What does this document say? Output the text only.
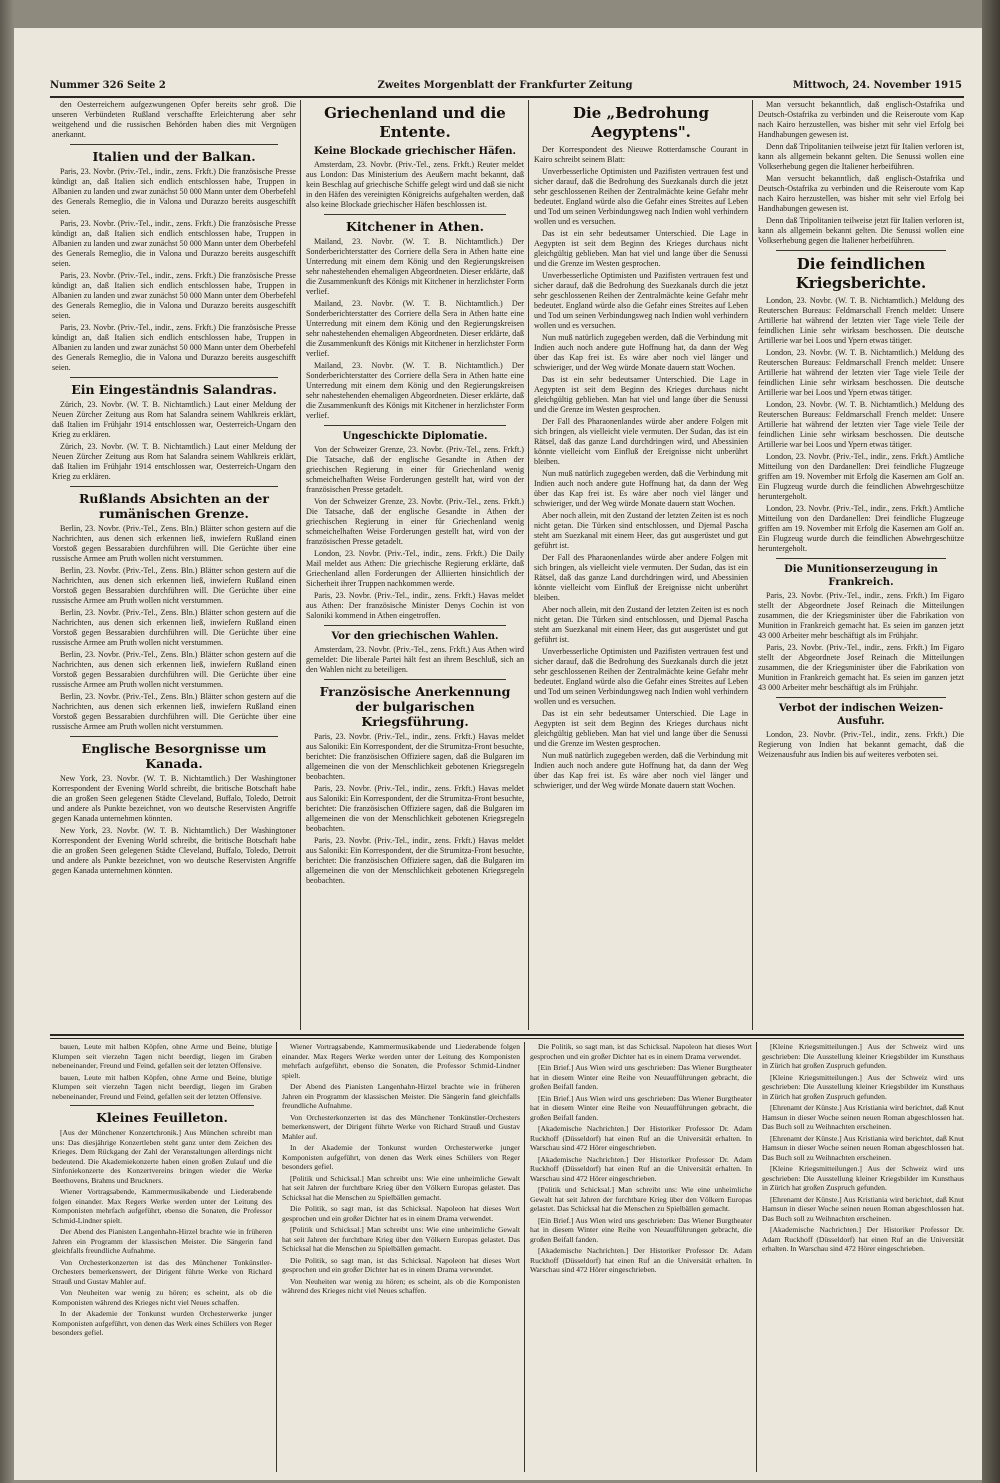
Nummer 326 Seite 2	Zweites Morgenblatt der Frankfurter Zeitung	Mittwoch, 24. November 1915

den Oesterreichern aufgezwungenen Opfer bereits sehr groß. Die unseren Verbündeten Rußland verschaffte Erleichterung aber sehr weitgehend und die russischen Behörden haben dies mit Vergnügen anerkannt.

Italien und der Balkan.

Paris, 23. Novbr. (Priv.-Tel., indir., zens. Frkft.) Die französische Presse kündigt an, daß Italien sich endlich entschlossen habe, Truppen in Albanien zu landen und zwar zunächst 50 000 Mann unter dem Oberbefehl des Generals Remeglio, die in Valona und Durazzo bereits ausgeschifft seien.

Paris, 23. Novbr. (Priv.-Tel., indir., zens. Frkft.) Die französische Presse kündigt an, daß Italien sich endlich entschlossen habe, Truppen in Albanien zu landen und zwar zunächst 50 000 Mann unter dem Oberbefehl des Generals Remeglio, die in Valona und Durazzo bereits ausgeschifft seien.

Paris, 23. Novbr. (Priv.-Tel., indir., zens. Frkft.) Die französische Presse kündigt an, daß Italien sich endlich entschlossen habe, Truppen in Albanien zu landen und zwar zunächst 50 000 Mann unter dem Oberbefehl des Generals Remeglio, die in Valona und Durazzo bereits ausgeschifft seien.

Paris, 23. Novbr. (Priv.-Tel., indir., zens. Frkft.) Die französische Presse kündigt an, daß Italien sich endlich entschlossen habe, Truppen in Albanien zu landen und zwar zunächst 50 000 Mann unter dem Oberbefehl des Generals Remeglio, die in Valona und Durazzo bereits ausgeschifft seien.

Ein Eingeständnis Salandras.

Zürich, 23. Novbr. (W. T. B. Nichtamtlich.) Laut einer Meldung der Neuen Zürcher Zeitung aus Rom hat Salandra seinem Wahlkreis erklärt, daß Italien im Frühjahr 1914 entschlossen war, Oesterreich-Ungarn den Krieg zu erklären.

Zürich, 23. Novbr. (W. T. B. Nichtamtlich.) Laut einer Meldung der Neuen Zürcher Zeitung aus Rom hat Salandra seinem Wahlkreis erklärt, daß Italien im Frühjahr 1914 entschlossen war, Oesterreich-Ungarn den Krieg zu erklären.

Rußlands Absichten an der rumänischen Grenze.

Berlin, 23. Novbr. (Priv.-Tel., Zens. Bln.) Blätter schon gestern auf die Nachrichten, aus denen sich erkennen ließ, inwiefern Rußland einen Vorstoß gegen Bessarabien durchführen will. Die Gerüchte über eine russische Armee am Pruth wollen nicht verstummen.

Berlin, 23. Novbr. (Priv.-Tel., Zens. Bln.) Blätter schon gestern auf die Nachrichten, aus denen sich erkennen ließ, inwiefern Rußland einen Vorstoß gegen Bessarabien durchführen will. Die Gerüchte über eine russische Armee am Pruth wollen nicht verstummen.

Berlin, 23. Novbr. (Priv.-Tel., Zens. Bln.) Blätter schon gestern auf die Nachrichten, aus denen sich erkennen ließ, inwiefern Rußland einen Vorstoß gegen Bessarabien durchführen will. Die Gerüchte über eine russische Armee am Pruth wollen nicht verstummen.

Berlin, 23. Novbr. (Priv.-Tel., Zens. Bln.) Blätter schon gestern auf die Nachrichten, aus denen sich erkennen ließ, inwiefern Rußland einen Vorstoß gegen Bessarabien durchführen will. Die Gerüchte über eine russische Armee am Pruth wollen nicht verstummen.

Berlin, 23. Novbr. (Priv.-Tel., Zens. Bln.) Blätter schon gestern auf die Nachrichten, aus denen sich erkennen ließ, inwiefern Rußland einen Vorstoß gegen Bessarabien durchführen will. Die Gerüchte über eine russische Armee am Pruth wollen nicht verstummen.

Englische Besorgnisse um Kanada.

New York, 23. Novbr. (W. T. B. Nichtamtlich.) Der Washingtoner Korrespondent der Evening World schreibt, die britische Botschaft habe die an großen Seen gelegenen Städte Cleveland, Buffalo, Toledo, Detroit und andere als Punkte bezeichnet, von wo deutsche Reservisten Angriffe gegen Kanada unternehmen könnten.

New York, 23. Novbr. (W. T. B. Nichtamtlich.) Der Washingtoner Korrespondent der Evening World schreibt, die britische Botschaft habe die an großen Seen gelegenen Städte Cleveland, Buffalo, Toledo, Detroit und andere als Punkte bezeichnet, von wo deutsche Reservisten Angriffe gegen Kanada unternehmen könnten.

Griechenland und die Entente.
Keine Blockade griechischer Häfen.

Amsterdam, 23. Novbr. (Priv.-Tel., zens. Frkft.) Reuter meldet aus London: Das Ministerium des Aeußern macht bekannt, daß kein Beschlag auf griechische Schiffe gelegt wird und daß sie nicht in den Häfen des vereinigten Königreichs aufgehalten werden, daß also keine Blockade griechischer Häfen beschlossen ist.

Kitchener in Athen.

Mailand, 23. Novbr. (W. T. B. Nichtamtlich.) Der Sonderberichterstatter des Corriere della Sera in Athen hatte eine Unterredung mit einem dem König und den Regierungskreisen sehr nahestehenden ehemaligen Abgeordneten. Dieser erklärte, daß die Zusammenkunft des Königs mit Kitchener in herzlichster Form verlief.

Mailand, 23. Novbr. (W. T. B. Nichtamtlich.) Der Sonderberichterstatter des Corriere della Sera in Athen hatte eine Unterredung mit einem dem König und den Regierungskreisen sehr nahestehenden ehemaligen Abgeordneten. Dieser erklärte, daß die Zusammenkunft des Königs mit Kitchener in herzlichster Form verlief.

Mailand, 23. Novbr. (W. T. B. Nichtamtlich.) Der Sonderberichterstatter des Corriere della Sera in Athen hatte eine Unterredung mit einem dem König und den Regierungskreisen sehr nahestehenden ehemaligen Abgeordneten. Dieser erklärte, daß die Zusammenkunft des Königs mit Kitchener in herzlichster Form verlief.

Ungeschickte Diplomatie.

Von der Schweizer Grenze, 23. Novbr. (Priv.-Tel., zens. Frkft.) Die Tatsache, daß der englische Gesandte in Athen der griechischen Regierung in einer für Griechenland wenig schmeichelhaften Weise Forderungen gestellt hat, wird von der französischen Presse getadelt.

Von der Schweizer Grenze, 23. Novbr. (Priv.-Tel., zens. Frkft.) Die Tatsache, daß der englische Gesandte in Athen der griechischen Regierung in einer für Griechenland wenig schmeichelhaften Weise Forderungen gestellt hat, wird von der französischen Presse getadelt.

London, 23. Novbr. (Priv.-Tel., indir., zens. Frkft.) Die Daily Mail meldet aus Athen: Die griechische Regierung erklärte, daß Griechenland allen Forderungen der Alliierten hinsichtlich der Sicherheit ihrer Truppen nachkommen werde.

Paris, 23. Novbr. (Priv.-Tel., indir., zens. Frkft.) Havas meldet aus Athen: Der französische Minister Denys Cochin ist von Saloniki kommend in Athen eingetroffen.

Vor den griechischen Wahlen.

Amsterdam, 23. Novbr. (Priv.-Tel., zens. Frkft.) Aus Athen wird gemeldet: Die liberale Partei hält fest an ihrem Beschluß, sich an den Wahlen nicht zu beteiligen.

Französische Anerkennung der bulgarischen Kriegsführung.

Paris, 23. Novbr. (Priv.-Tel., indir., zens. Frkft.) Havas meldet aus Saloniki: Ein Korrespondent, der die Strumitza-Front besuchte, berichtet: Die französischen Offiziere sagen, daß die Bulgaren im allgemeinen die von der Menschlichkeit gebotenen Kriegsregeln beobachten.

Paris, 23. Novbr. (Priv.-Tel., indir., zens. Frkft.) Havas meldet aus Saloniki: Ein Korrespondent, der die Strumitza-Front besuchte, berichtet: Die französischen Offiziere sagen, daß die Bulgaren im allgemeinen die von der Menschlichkeit gebotenen Kriegsregeln beobachten.

Paris, 23. Novbr. (Priv.-Tel., indir., zens. Frkft.) Havas meldet aus Saloniki: Ein Korrespondent, der die Strumitza-Front besuchte, berichtet: Die französischen Offiziere sagen, daß die Bulgaren im allgemeinen die von der Menschlichkeit gebotenen Kriegsregeln beobachten.

Die „Bedrohung Aegyptens".

Der Korrespondent des Nieuwe Rotterdamsche Courant in Kairo schreibt seinem Blatt:

Unverbesserliche Optimisten und Pazifisten vertrauen fest und sicher darauf, daß die Bedrohung des Suezkanals durch die jetzt sehr geschlossenen Reihen der Zentralmächte keine Gefahr mehr bedeutet. England würde also die Gefahr eines Streites auf Leben und Tod um seinen Verbindungsweg nach Indien wohl verhindern wollen und es versuchen.

Das ist ein sehr bedeutsamer Unterschied. Die Lage in Aegypten ist seit dem Beginn des Krieges durchaus nicht gleichgültig geblieben. Man hat viel und lange über die Senussi und die Grenze im Westen gesprochen.

Unverbesserliche Optimisten und Pazifisten vertrauen fest und sicher darauf, daß die Bedrohung des Suezkanals durch die jetzt sehr geschlossenen Reihen der Zentralmächte keine Gefahr mehr bedeutet. England würde also die Gefahr eines Streites auf Leben und Tod um seinen Verbindungsweg nach Indien wohl verhindern wollen und es versuchen.

Nun muß natürlich zugegeben werden, daß die Verbindung mit Indien auch noch andere gute Hoffnung hat, da dann der Weg über das Kap frei ist. Es wäre aber noch viel länger und schwieriger, und der Weg würde Monate dauern statt Wochen.

Das ist ein sehr bedeutsamer Unterschied. Die Lage in Aegypten ist seit dem Beginn des Krieges durchaus nicht gleichgültig geblieben. Man hat viel und lange über die Senussi und die Grenze im Westen gesprochen.

Der Fall des Pharaonenlandes würde aber andere Folgen mit sich bringen, als vielleicht viele vermuten. Der Sudan, das ist ein Rätsel, daß das ganze Land durchdringen wird, und Abessinien könnte vielleicht vom Einfluß der Ereignisse nicht unberührt bleiben.

Nun muß natürlich zugegeben werden, daß die Verbindung mit Indien auch noch andere gute Hoffnung hat, da dann der Weg über das Kap frei ist. Es wäre aber noch viel länger und schwieriger, und der Weg würde Monate dauern statt Wochen.

Aber noch allein, mit den Zustand der letzten Zeiten ist es noch nicht getan. Die Türken sind entschlossen, und Djemal Pascha steht am Suezkanal mit einem Heer, das gut ausgerüstet und gut geführt ist.

Der Fall des Pharaonenlandes würde aber andere Folgen mit sich bringen, als vielleicht viele vermuten. Der Sudan, das ist ein Rätsel, daß das ganze Land durchdringen wird, und Abessinien könnte vielleicht vom Einfluß der Ereignisse nicht unberührt bleiben.

Aber noch allein, mit den Zustand der letzten Zeiten ist es noch nicht getan. Die Türken sind entschlossen, und Djemal Pascha steht am Suezkanal mit einem Heer, das gut ausgerüstet und gut geführt ist.

Unverbesserliche Optimisten und Pazifisten vertrauen fest und sicher darauf, daß die Bedrohung des Suezkanals durch die jetzt sehr geschlossenen Reihen der Zentralmächte keine Gefahr mehr bedeutet. England würde also die Gefahr eines Streites auf Leben und Tod um seinen Verbindungsweg nach Indien wohl verhindern wollen und es versuchen.

Das ist ein sehr bedeutsamer Unterschied. Die Lage in Aegypten ist seit dem Beginn des Krieges durchaus nicht gleichgültig geblieben. Man hat viel und lange über die Senussi und die Grenze im Westen gesprochen.

Nun muß natürlich zugegeben werden, daß die Verbindung mit Indien auch noch andere gute Hoffnung hat, da dann der Weg über das Kap frei ist. Es wäre aber noch viel länger und schwieriger, und der Weg würde Monate dauern statt Wochen.

Man versucht bekanntlich, daß englisch-Ostafrika und Deutsch-Ostafrika zu verbinden und die Reiseroute vom Kap nach Kairo herzustellen, was bisher mit sehr viel Erfolg bei Handhabungen gewesen ist.

Denn daß Tripolitanien teilweise jetzt für Italien verloren ist, kann als allgemein bekannt gelten. Die Senussi wollen eine Volkserhebung gegen die Italiener herbeiführen.

Man versucht bekanntlich, daß englisch-Ostafrika und Deutsch-Ostafrika zu verbinden und die Reiseroute vom Kap nach Kairo herzustellen, was bisher mit sehr viel Erfolg bei Handhabungen gewesen ist.

Denn daß Tripolitanien teilweise jetzt für Italien verloren ist, kann als allgemein bekannt gelten. Die Senussi wollen eine Volkserhebung gegen die Italiener herbeiführen.

Die feindlichen Kriegsberichte.

London, 23. Novbr. (W. T. B. Nichtamtlich.) Meldung des Reuterschen Bureaus: Feldmarschall French meldet: Unsere Artillerie hat während der letzten vier Tage viele Teile der feindlichen Linie sehr wirksam beschossen. Die deutsche Artillerie war bei Loos und Ypern etwas tätiger.

London, 23. Novbr. (W. T. B. Nichtamtlich.) Meldung des Reuterschen Bureaus: Feldmarschall French meldet: Unsere Artillerie hat während der letzten vier Tage viele Teile der feindlichen Linie sehr wirksam beschossen. Die deutsche Artillerie war bei Loos und Ypern etwas tätiger.

London, 23. Novbr. (W. T. B. Nichtamtlich.) Meldung des Reuterschen Bureaus: Feldmarschall French meldet: Unsere Artillerie hat während der letzten vier Tage viele Teile der feindlichen Linie sehr wirksam beschossen. Die deutsche Artillerie war bei Loos und Ypern etwas tätiger.

London, 23. Novbr. (Priv.-Tel., indir., zens. Frkft.) Amtliche Mitteilung von den Dardanellen: Drei feindliche Flugzeuge griffen am 19. November mit Erfolg die Kasernen am Golf an. Ein Flugzeug wurde durch die feindlichen Abwehrgeschütze heruntergeholt.

London, 23. Novbr. (Priv.-Tel., indir., zens. Frkft.) Amtliche Mitteilung von den Dardanellen: Drei feindliche Flugzeuge griffen am 19. November mit Erfolg die Kasernen am Golf an. Ein Flugzeug wurde durch die feindlichen Abwehrgeschütze heruntergeholt.

Die Munitionserzeugung in Frankreich.

Paris, 23. Novbr. (Priv.-Tel., indir., zens. Frkft.) Im Figaro stellt der Abgeordnete Josef Reinach die Mitteilungen zusammen, die der Kriegsminister über die Fabrikation von Munition in Frankreich gemacht hat. Es seien im ganzen jetzt 43 000 Arbeiter mehr beschäftigt als im Frühjahr.

Paris, 23. Novbr. (Priv.-Tel., indir., zens. Frkft.) Im Figaro stellt der Abgeordnete Josef Reinach die Mitteilungen zusammen, die der Kriegsminister über die Fabrikation von Munition in Frankreich gemacht hat. Es seien im ganzen jetzt 43 000 Arbeiter mehr beschäftigt als im Frühjahr.

Verbot der indischen Weizen-Ausfuhr.

London, 23. Novbr. (Priv.-Tel., indir., zens. Frkft.) Die Regierung von Indien hat bekannt gemacht, daß die Weizenausfuhr aus Indien bis auf weiteres verboten sei.

bauen, Leute mit halben Köpfen, ohne Arme und Beine, blutige Klumpen seit vierzehn Tagen nicht beerdigt, liegen im Graben nebeneinander, Freund und Feind, gefallen seit der letzten Offensive.

bauen, Leute mit halben Köpfen, ohne Arme und Beine, blutige Klumpen seit vierzehn Tagen nicht beerdigt, liegen im Graben nebeneinander, Freund und Feind, gefallen seit der letzten Offensive.

Kleines Feuilleton.

[Aus der Münchener Konzertchronik.] Aus München schreibt man uns: Das diesjährige Konzertleben steht ganz unter dem Zeichen des Krieges. Dem Rückgang der Zahl der Veranstaltungen allerdings nicht bedeutend. Die Akademiekonzerte haben einen großen Zulauf und die Sinfoniekonzerte des Konzertvereins bringen wieder die Werke Beethovens, Brahms und Bruckners.

Wiener Vortragsabende, Kammermusikabende und Liederabende folgen einander. Max Regers Werke werden unter der Leitung des Komponisten mehrfach aufgeführt, ebenso die Sonaten, die Professor Schmid-Lindner spielt.

Der Abend des Pianisten Langenhahn-Hirzel brachte wie in früheren Jahren ein Programm der klassischen Meister. Die Sängerin fand gleichfalls freundliche Aufnahme.

Von Orchesterkonzerten ist das des Münchener Tonkünstler-Orchesters bemerkenswert, der Dirigent führte Werke von Richard Strauß und Gustav Mahler auf.

Von Neuheiten war wenig zu hören; es scheint, als ob die Komponisten während des Krieges nicht viel Neues schaffen.

In der Akademie der Tonkunst wurden Orchesterwerke junger Komponisten aufgeführt, von denen das Werk eines Schülers von Reger besonders gefiel.

Wiener Vortragsabende, Kammermusikabende und Liederabende folgen einander. Max Regers Werke werden unter der Leitung des Komponisten mehrfach aufgeführt, ebenso die Sonaten, die Professor Schmid-Lindner spielt.

Der Abend des Pianisten Langenhahn-Hirzel brachte wie in früheren Jahren ein Programm der klassischen Meister. Die Sängerin fand gleichfalls freundliche Aufnahme.

Von Orchesterkonzerten ist das des Münchener Tonkünstler-Orchesters bemerkenswert, der Dirigent führte Werke von Richard Strauß und Gustav Mahler auf.

In der Akademie der Tonkunst wurden Orchesterwerke junger Komponisten aufgeführt, von denen das Werk eines Schülers von Reger besonders gefiel.

[Politik und Schicksal.] Man schreibt uns: Wie eine unheimliche Gewalt hat seit Jahren der furchtbare Krieg über den Völkern Europas gelastet. Das Schicksal hat die Menschen zu Spielbällen gemacht.

Die Politik, so sagt man, ist das Schicksal. Napoleon hat dieses Wort gesprochen und ein großer Dichter hat es in einem Drama verwendet.

[Politik und Schicksal.] Man schreibt uns: Wie eine unheimliche Gewalt hat seit Jahren der furchtbare Krieg über den Völkern Europas gelastet. Das Schicksal hat die Menschen zu Spielbällen gemacht.

Die Politik, so sagt man, ist das Schicksal. Napoleon hat dieses Wort gesprochen und ein großer Dichter hat es in einem Drama verwendet.

Von Neuheiten war wenig zu hören; es scheint, als ob die Komponisten während des Krieges nicht viel Neues schaffen.

Die Politik, so sagt man, ist das Schicksal. Napoleon hat dieses Wort gesprochen und ein großer Dichter hat es in einem Drama verwendet.

[Ein Brief.] Aus Wien wird uns geschrieben: Das Wiener Burgtheater hat in diesem Winter eine Reihe von Neuaufführungen gebracht, die großen Beifall fanden.

[Ein Brief.] Aus Wien wird uns geschrieben: Das Wiener Burgtheater hat in diesem Winter eine Reihe von Neuaufführungen gebracht, die großen Beifall fanden.

[Akademische Nachrichten.] Der Historiker Professor Dr. Adam Ruckhoff (Düsseldorf) hat einen Ruf an die Universität erhalten. In Warschau sind 472 Hörer eingeschrieben.

[Akademische Nachrichten.] Der Historiker Professor Dr. Adam Ruckhoff (Düsseldorf) hat einen Ruf an die Universität erhalten. In Warschau sind 472 Hörer eingeschrieben.

[Politik und Schicksal.] Man schreibt uns: Wie eine unheimliche Gewalt hat seit Jahren der furchtbare Krieg über den Völkern Europas gelastet. Das Schicksal hat die Menschen zu Spielbällen gemacht.

[Ein Brief.] Aus Wien wird uns geschrieben: Das Wiener Burgtheater hat in diesem Winter eine Reihe von Neuaufführungen gebracht, die großen Beifall fanden.

[Akademische Nachrichten.] Der Historiker Professor Dr. Adam Ruckhoff (Düsseldorf) hat einen Ruf an die Universität erhalten. In Warschau sind 472 Hörer eingeschrieben.

[Kleine Kriegsmitteilungen.] Aus der Schweiz wird uns geschrieben: Die Ausstellung kleiner Kriegsbilder im Kunsthaus in Zürich hat großen Zuspruch gefunden.

[Kleine Kriegsmitteilungen.] Aus der Schweiz wird uns geschrieben: Die Ausstellung kleiner Kriegsbilder im Kunsthaus in Zürich hat großen Zuspruch gefunden.

[Ehrenamt der Künste.] Aus Kristiania wird berichtet, daß Knut Hamsun in dieser Woche seinen neuen Roman abgeschlossen hat. Das Buch soll zu Weihnachten erscheinen.

[Ehrenamt der Künste.] Aus Kristiania wird berichtet, daß Knut Hamsun in dieser Woche seinen neuen Roman abgeschlossen hat. Das Buch soll zu Weihnachten erscheinen.

[Kleine Kriegsmitteilungen.] Aus der Schweiz wird uns geschrieben: Die Ausstellung kleiner Kriegsbilder im Kunsthaus in Zürich hat großen Zuspruch gefunden.

[Ehrenamt der Künste.] Aus Kristiania wird berichtet, daß Knut Hamsun in dieser Woche seinen neuen Roman abgeschlossen hat. Das Buch soll zu Weihnachten erscheinen.

[Akademische Nachrichten.] Der Historiker Professor Dr. Adam Ruckhoff (Düsseldorf) hat einen Ruf an die Universität erhalten. In Warschau sind 472 Hörer eingeschrieben.
